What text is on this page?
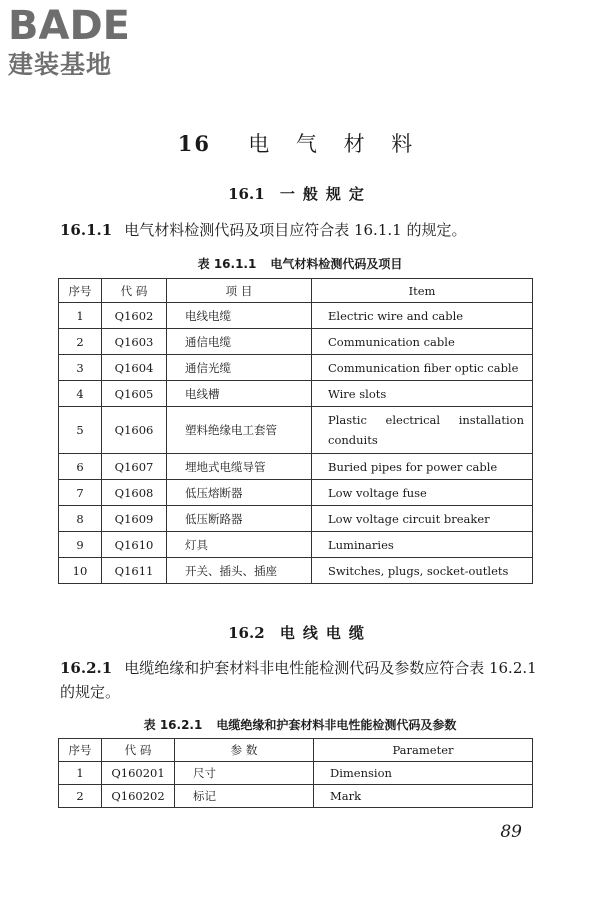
BADE
建装基地
16 电 气 材 料
16.1 一般规定
16.1.1 电气材料检测代码及项目应符合表 16.1.1 的规定。
表 16.1.1 电气材料检测代码及项目
序号	代 码	项 目	Item
1	Q1602	电线电缆	Electric wire and cable
2	Q1603	通信电缆	Communication cable
3	Q1604	通信光缆	Communication fiber optic cable
4	Q1605	电线槽	Wire slots
5	Q1606	塑料绝缘电工套管	Plastic electrical installation conduits
6	Q1607	埋地式电缆导管	Buried pipes for power cable
7	Q1608	低压熔断器	Low voltage fuse
8	Q1609	低压断路器	Low voltage circuit breaker
9	Q1610	灯具	Luminaries
10	Q1611	开关、插头、插座	Switches, plugs, socket-outlets
16.2 电线电缆
16.2.1 电缆绝缘和护套材料非电性能检测代码及参数应符合表 16.2.1 的规定。
表 16.2.1 电缆绝缘和护套材料非电性能检测代码及参数
序号	代 码	参 数	Parameter
1	Q160201	尺寸	Dimension
2	Q160202	标记	Mark
89
